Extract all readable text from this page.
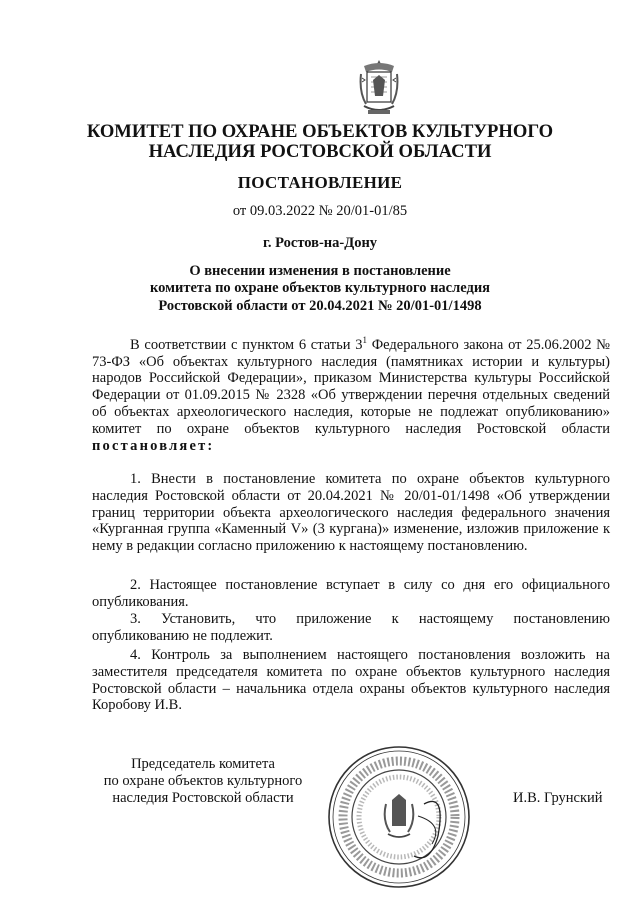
КОМИТЕТ ПО ОХРАНЕ ОБЪЕКТОВ КУЛЬТУРНОГО
НАСЛЕДИЯ РОСТОВСКОЙ ОБЛАСТИ
ПОСТАНОВЛЕНИЕ
от 09.03.2022 № 20/01-01/85
г. Ростов-на-Дону
О внесении изменения в постановление
комитета по охране объектов культурного наследия
Ростовской области от 20.04.2021 № 20/01-01/1498

В соответствии с пунктом 6 статьи $3^1$ Федерального закона от 25.06.2002 № 73-ФЗ «Об объектах культурного наследия (памятниках истории и культуры) народов Российской Федерации», приказом Министерства культуры Российской Федерации от 01.09.2015 № 2328 «Об утверждении перечня отдельных сведений об объектах археологического наследия, которые не подлежат опубликованию» комитет по охране объектов культурного наследия Ростовской области постановляет:

1. Внести в постановление комитета по охране объектов культурного наследия Ростовской области от 20.04.2021 № 20/01-01/1498 «Об утверждении границ территории объекта археологического наследия федерального значения «Курганная группа «Каменный V» (3 кургана)» изменение, изложив приложение к нему в редакции согласно приложению к настоящему постановлению.

2. Настоящее постановление вступает в силу со дня его официального опубликования.

3. Установить, что приложение к настоящему постановлению опубликованию не подлежит.

4. Контроль за выполнением настоящего постановления возложить на заместителя председателя комитета по охране объектов культурного наследия Ростовской области – начальника отдела охраны объектов культурного наследия Коробову И.В.

Председатель комитета
по охране объектов культурного
наследия Ростовской области	И.В. Грунский
